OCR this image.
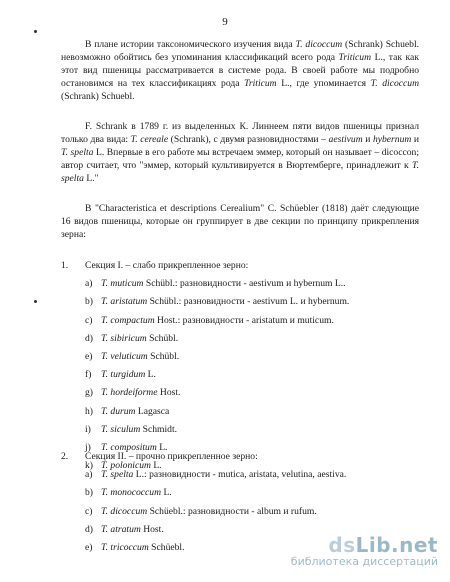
9

В плане истории таксономического изучения вида T. dicoccum (Schrank) Schuebl. невозможно обойтись без упоминания классификаций всего рода Triticum L., так как этот вид пшеницы рассматривается в системе рода. В своей работе мы подробно остановимся на тех классификациях рода Triticum L., где упоминается T. dicoccum (Schrank) Schuebl.

F. Schrank в 1789 г. из выделенных К. Линнеем пяти видов пшеницы признал только два вида: T. cereale (Schrank), с двумя разновидностями – aestivum и hybernum и T. spelta L. Впервые в его работе мы встречаем эммер, который он называет – dicoccon; автор считает, что "эммер, который культивируется в Вюртемберге, принадлежит к T. spelta L."

В "Characteristica et descriptions Cerealium" C. Schüebler (1818) даёт следующие 16 видов пшеницы, которые он группирует в две секции по принципу прикрепления зерна:

1. Секция I. – слабо прикрепленное зерно:
a) T. muticum Schübl.: разновидности - aestivum и hybernum L..
b) T. aristatum Schübl.: разновидности - aestivum L. и hybernum.
c) T. compactum Host.: разновидности - aristatum и muticum.
d) T. sibiricum Schübl.
e) T. veluticum Schübl.
f) T. turgidum L.
g) T. hordeiforme Host.
h) T. durum Lagasca
i) T. siculum Schmidt.
j) T. compositum L.
k) T. polonicum L.
2. Секция II. – прочно прикрепленное зерно:
a) T. spelta L.: разновидности - mutica, aristata, velutina, aestiva.
b) T. monococcum L.
c) T. dicoccum Schüebl.: разновидности - album и rufum.
d) T. atratum Host.
e) T. tricoccum Schüebl.	dsLib.net
библиотека диссертаций
